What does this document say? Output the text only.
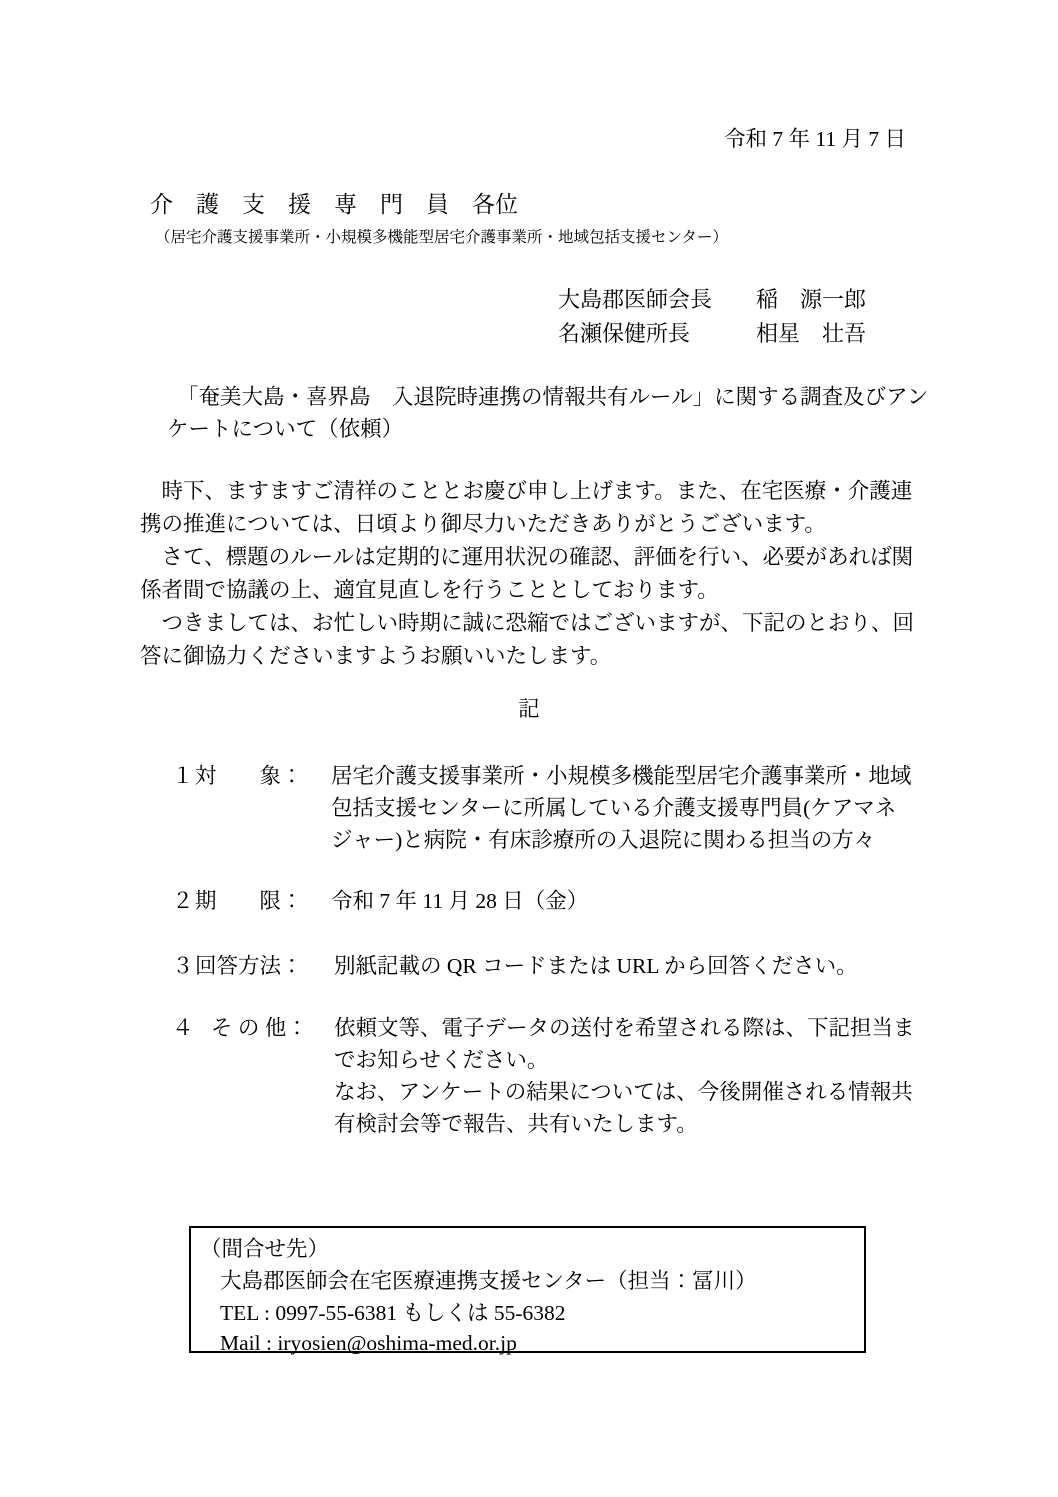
令和 7 年 11 月 7 日
介　護　支　援　専　門　員　各位
（居宅介護支援事業所・小規模多機能型居宅介護事業所・地域包括支援センター）
大島郡医師会長　　稲　源一郎
名瀬保健所長　　　相星　壮吾
「奄美大島・喜界島　入退院時連携の情報共有ルール」に関する調査及びアン
ケートについて（依頼）
　時下、ますますご清祥のこととお慶び申し上げます。また、在宅医療・介護連
携の推進については、日頃より御尽力いただきありがとうございます。
　さて、標題のルールは定期的に運用状況の確認、評価を行い、必要があれば関
係者間で協議の上、適宜見直しを行うこととしております。
　つきましては、お忙しい時期に誠に恐縮ではございますが、下記のとおり、回
答に御協力くださいますようお願いいたします。
記
１ 対　　象： 居宅介護支援事業所・小規模多機能型居宅介護事業所・地域
包括支援センターに所属している介護支援専門員(ケアマネ
ジャー)と病院・有床診療所の入退院に関わる担当の方々
２ 期　　限： 令和 7 年 11 月 28 日（金）
３ 回答方法： 別紙記載の QR コードまたは URL から回答ください。
４ そ の 他： 依頼文等、電子データの送付を希望される際は、下記担当ま
でお知らせください。
なお、アンケートの結果については、今後開催される情報共
有検討会等で報告、共有いたします。
（間合せ先）
大島郡医師会在宅医療連携支援センター（担当：冨川）
TEL : 0997-55-6381 もしくは 55-6382
Mail : iryosien@oshima-med.or.jp
